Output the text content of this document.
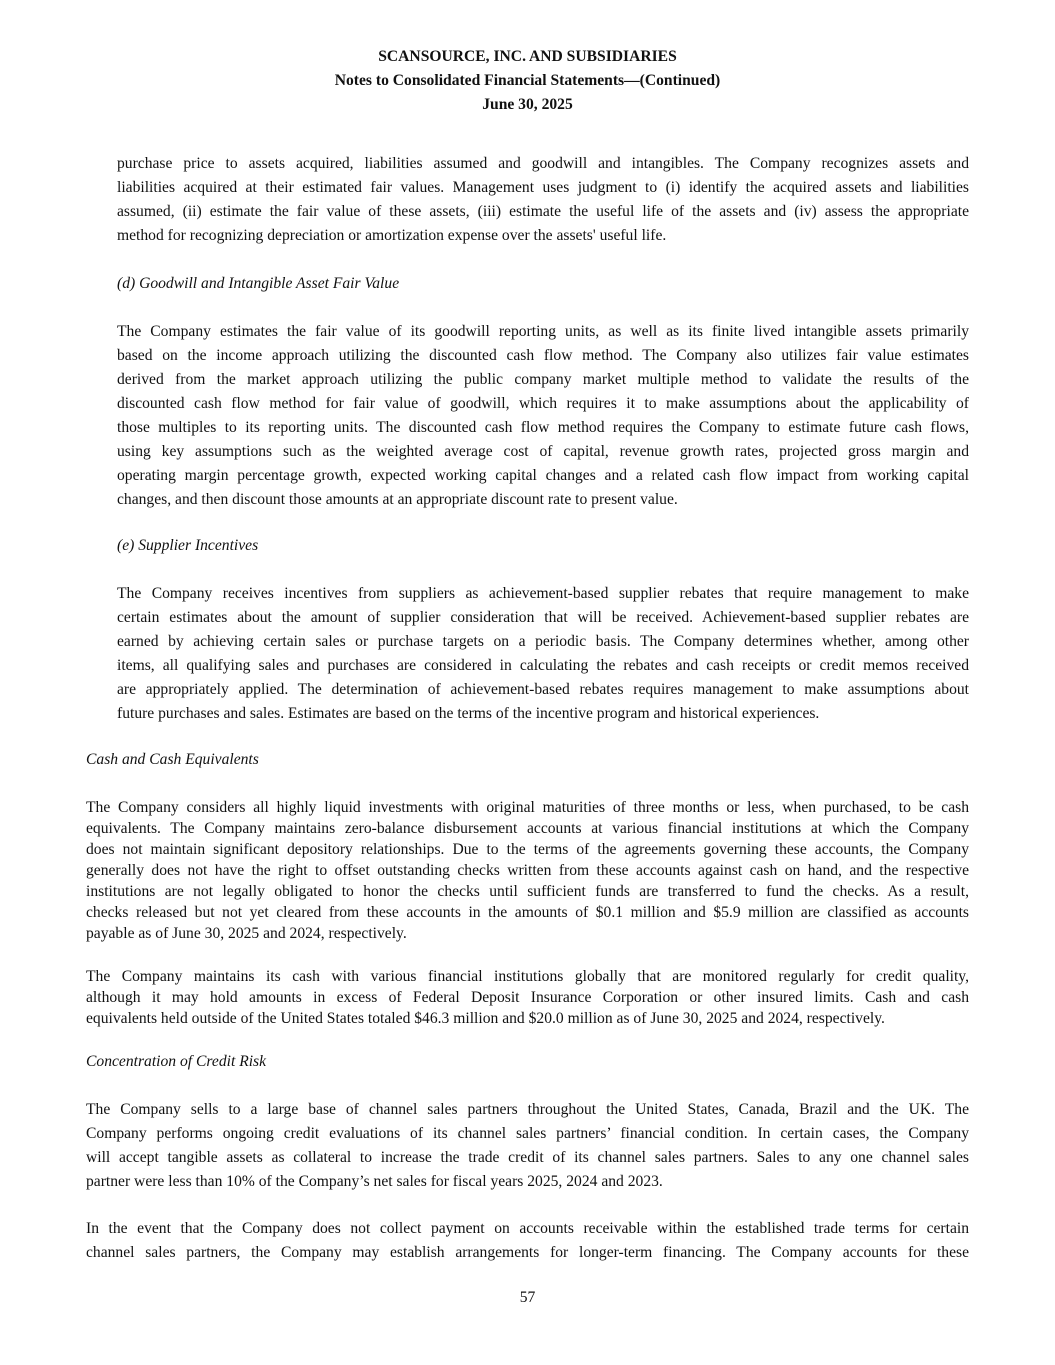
SCANSOURCE, INC. AND SUBSIDIARIES
Notes to Consolidated Financial Statements—(Continued)
June 30, 2025
purchase price to assets acquired, liabilities assumed and goodwill and intangibles. The Company recognizes assets and
liabilities acquired at their estimated fair values. Management uses judgment to (i) identify the acquired assets and liabilities
assumed, (ii) estimate the fair value of these assets, (iii) estimate the useful life of the assets and (iv) assess the appropriate
method for recognizing depreciation or amortization expense over the assets' useful life.
(d) Goodwill and Intangible Asset Fair Value
The Company estimates the fair value of its goodwill reporting units, as well as its finite lived intangible assets primarily
based on the income approach utilizing the discounted cash flow method. The Company also utilizes fair value estimates
derived from the market approach utilizing the public company market multiple method to validate the results of the
discounted cash flow method for fair value of goodwill, which requires it to make assumptions about the applicability of
those multiples to its reporting units. The discounted cash flow method requires the Company to estimate future cash flows,
using key assumptions such as the weighted average cost of capital, revenue growth rates, projected gross margin and
operating margin percentage growth, expected working capital changes and a related cash flow impact from working capital
changes, and then discount those amounts at an appropriate discount rate to present value.
(e) Supplier Incentives
The Company receives incentives from suppliers as achievement-based supplier rebates that require management to make
certain estimates about the amount of supplier consideration that will be received. Achievement-based supplier rebates are
earned by achieving certain sales or purchase targets on a periodic basis. The Company determines whether, among other
items, all qualifying sales and purchases are considered in calculating the rebates and cash receipts or credit memos received
are appropriately applied. The determination of achievement-based rebates requires management to make assumptions about
future purchases and sales. Estimates are based on the terms of the incentive program and historical experiences.
Cash and Cash Equivalents
The Company considers all highly liquid investments with original maturities of three months or less, when purchased, to be cash
equivalents. The Company maintains zero-balance disbursement accounts at various financial institutions at which the Company
does not maintain significant depository relationships. Due to the terms of the agreements governing these accounts, the Company
generally does not have the right to offset outstanding checks written from these accounts against cash on hand, and the respective
institutions are not legally obligated to honor the checks until sufficient funds are transferred to fund the checks. As a result,
checks released but not yet cleared from these accounts in the amounts of $0.1 million and $5.9 million are classified as accounts
payable as of June 30, 2025 and 2024, respectively.
The Company maintains its cash with various financial institutions globally that are monitored regularly for credit quality,
although it may hold amounts in excess of Federal Deposit Insurance Corporation or other insured limits. Cash and cash
equivalents held outside of the United States totaled $46.3 million and $20.0 million as of June 30, 2025 and 2024, respectively.
Concentration of Credit Risk
The Company sells to a large base of channel sales partners throughout the United States, Canada, Brazil and the UK. The
Company performs ongoing credit evaluations of its channel sales partners’ financial condition. In certain cases, the Company
will accept tangible assets as collateral to increase the trade credit of its channel sales partners. Sales to any one channel sales
partner were less than 10% of the Company’s net sales for fiscal years 2025, 2024 and 2023.
In the event that the Company does not collect payment on accounts receivable within the established trade terms for certain
channel sales partners, the Company may establish arrangements for longer-term financing. The Company accounts for these
57
